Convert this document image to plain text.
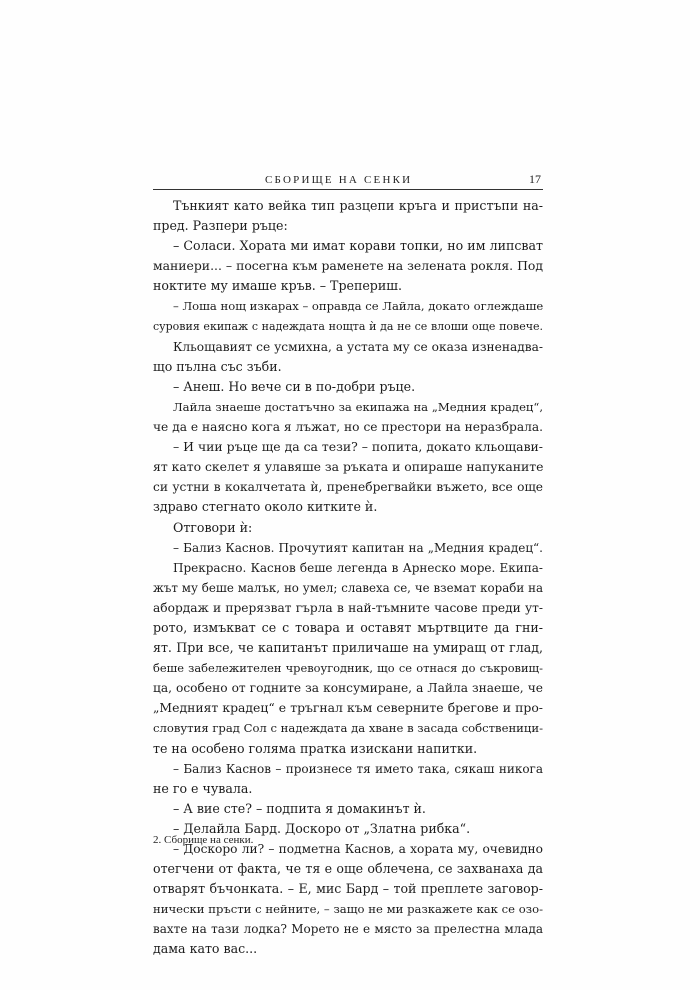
СБОРИЩЕ НА СЕНКИ	17
Тънкият като вейка тип разцепи кръга и пристъпи на-
пред. Разпери ръце:
– Соласи. Хората ми имат корави топки, но им липсват
маниери... – посегна към раменете на зелената рокля. Под
ноктите му имаше кръв. – Трепериш.
– Лоша нощ изкарах – оправда се Лайла, докато оглеждаше
суровия екипаж с надеждата нощта ѝ да не се влоши още повече.
Кльощавият се усмихна, а устата му се оказа изненадва-
що пълна със зъби.
– Анеш. Но вече си в по-добри ръце.
Лайла знаеше достатъчно за екипажа на „Медния крадец“,
че да е наясно кога я лъжат, но се престори на неразбрала.
– И чии ръце ще да са тези? – попита, докато кльощави-
ят като скелет я улавяше за ръката и опираше напуканите
си устни в кокалчетата ѝ, пренебрегвайки въжето, все още
здраво стегнато около китките ѝ.
Отговори ѝ:
– Бализ Каснов. Прочутият капитан на „Медния крадец“.
Прекрасно. Каснов беше легенда в Арнеско море. Екипа-
жът му беше малък, но умел; славеха се, че вземат кораби на
абордаж и прерязват гърла в най-тъмните часове преди ут-
рото, измъкват се с товара и оставят мъртвците да гни-
ят. При все, че капитанът приличаше на умиращ от глад,
беше забележителен чревоугодник, що се отнася до съкровищ-
ца, особено от годните за консумиране, а Лайла знаеше, че
„Медният крадец“ е тръгнал към северните брегове и про-
словутия град Сол с надеждата да хване в засада собственици-
те на особено голяма пратка изискани напитки.
– Бализ Каснов – произнесе тя името така, сякаш никога
не го е чувала.
– А вие сте? – подпита я домакинът ѝ.
– Делайла Бард. Доскоро от „Златна рибка“.
– Доскоро ли? – подметна Каснов, а хората му, очевидно
отегчени от факта, че тя е още облечена, се захванаха да
отварят бъчонката. – Е, мис Бард – той преплете заговор-
нически пръсти с нейните, – защо не ми разкажете как се озо-
вахте на тази лодка? Морето не е място за прелестна млада
дама като вас...
2. Сборище на сенки.
